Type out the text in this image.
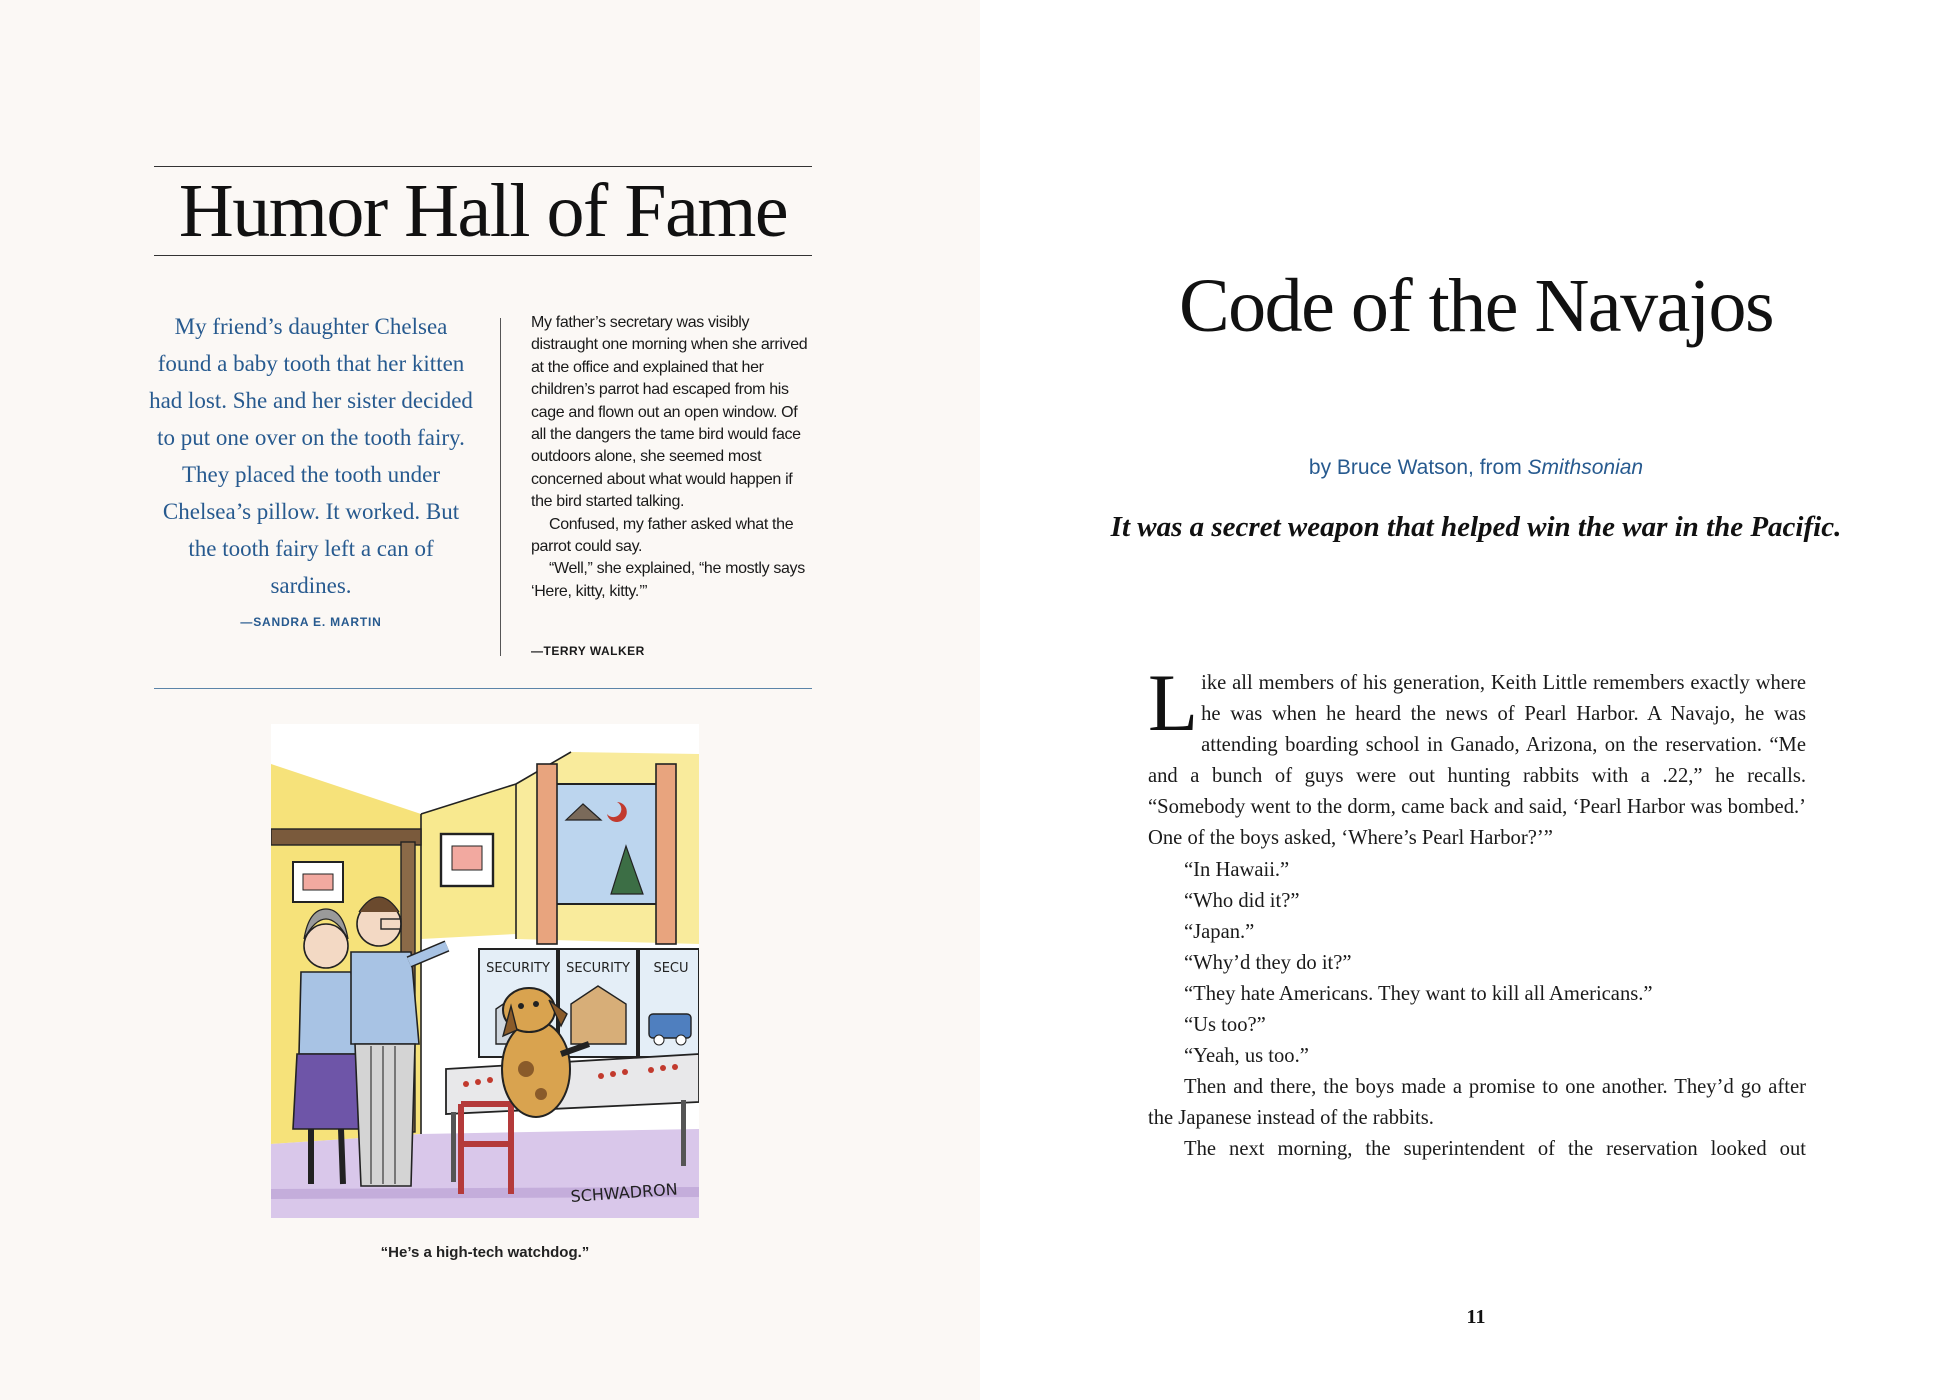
Humor Hall of Fame

My friend’s daughter Chelsea found a baby tooth that her kitten had lost. She and her sister decided to put one over on the tooth fairy. They placed the tooth under Chelsea’s pillow. It worked. But the tooth fairy left a can of sardines.

—SANDRA E. MARTIN

My father’s secretary was visibly distraught one morning when she arrived at the office and explained that her children’s parrot had escaped from his cage and flown out an open window. Of all the dangers the tame bird would face outdoors alone, she seemed most concerned about what would happen if the bird started talking.

Confused, my father asked what the parrot could say.

“Well,” she explained, “he mostly says ‘Here, kitty, kitty.’”

—TERRY WALKER

SECURITY SECURITY SECU
SCHWADRON

“He’s a high-tech watchdog.”

Code of the Navajos

by Bruce Watson, from Smithsonian

It was a secret weapon that helped win the war in the Pacific.

Like all members of his generation, Keith Little remembers exactly where he was when he heard the news of Pearl Harbor. A Navajo, he was attending boarding school in Ganado, Arizona, on the reservation. “Me and a bunch of guys were out hunting rabbits with a .22,” he recalls. “Somebody went to the dorm, came back and said, ‘Pearl Harbor was bombed.’ One of the boys asked, ‘Where’s Pearl Harbor?’”

“In Hawaii.”

“Who did it?”

“Japan.”

“Why’d they do it?”

“They hate Americans. They want to kill all Americans.”

“Us too?”

“Yeah, us too.”

Then and there, the boys made a promise to one another. They’d go after the Japanese instead of the rabbits.

The next morning, the superintendent of the reservation looked out

11
